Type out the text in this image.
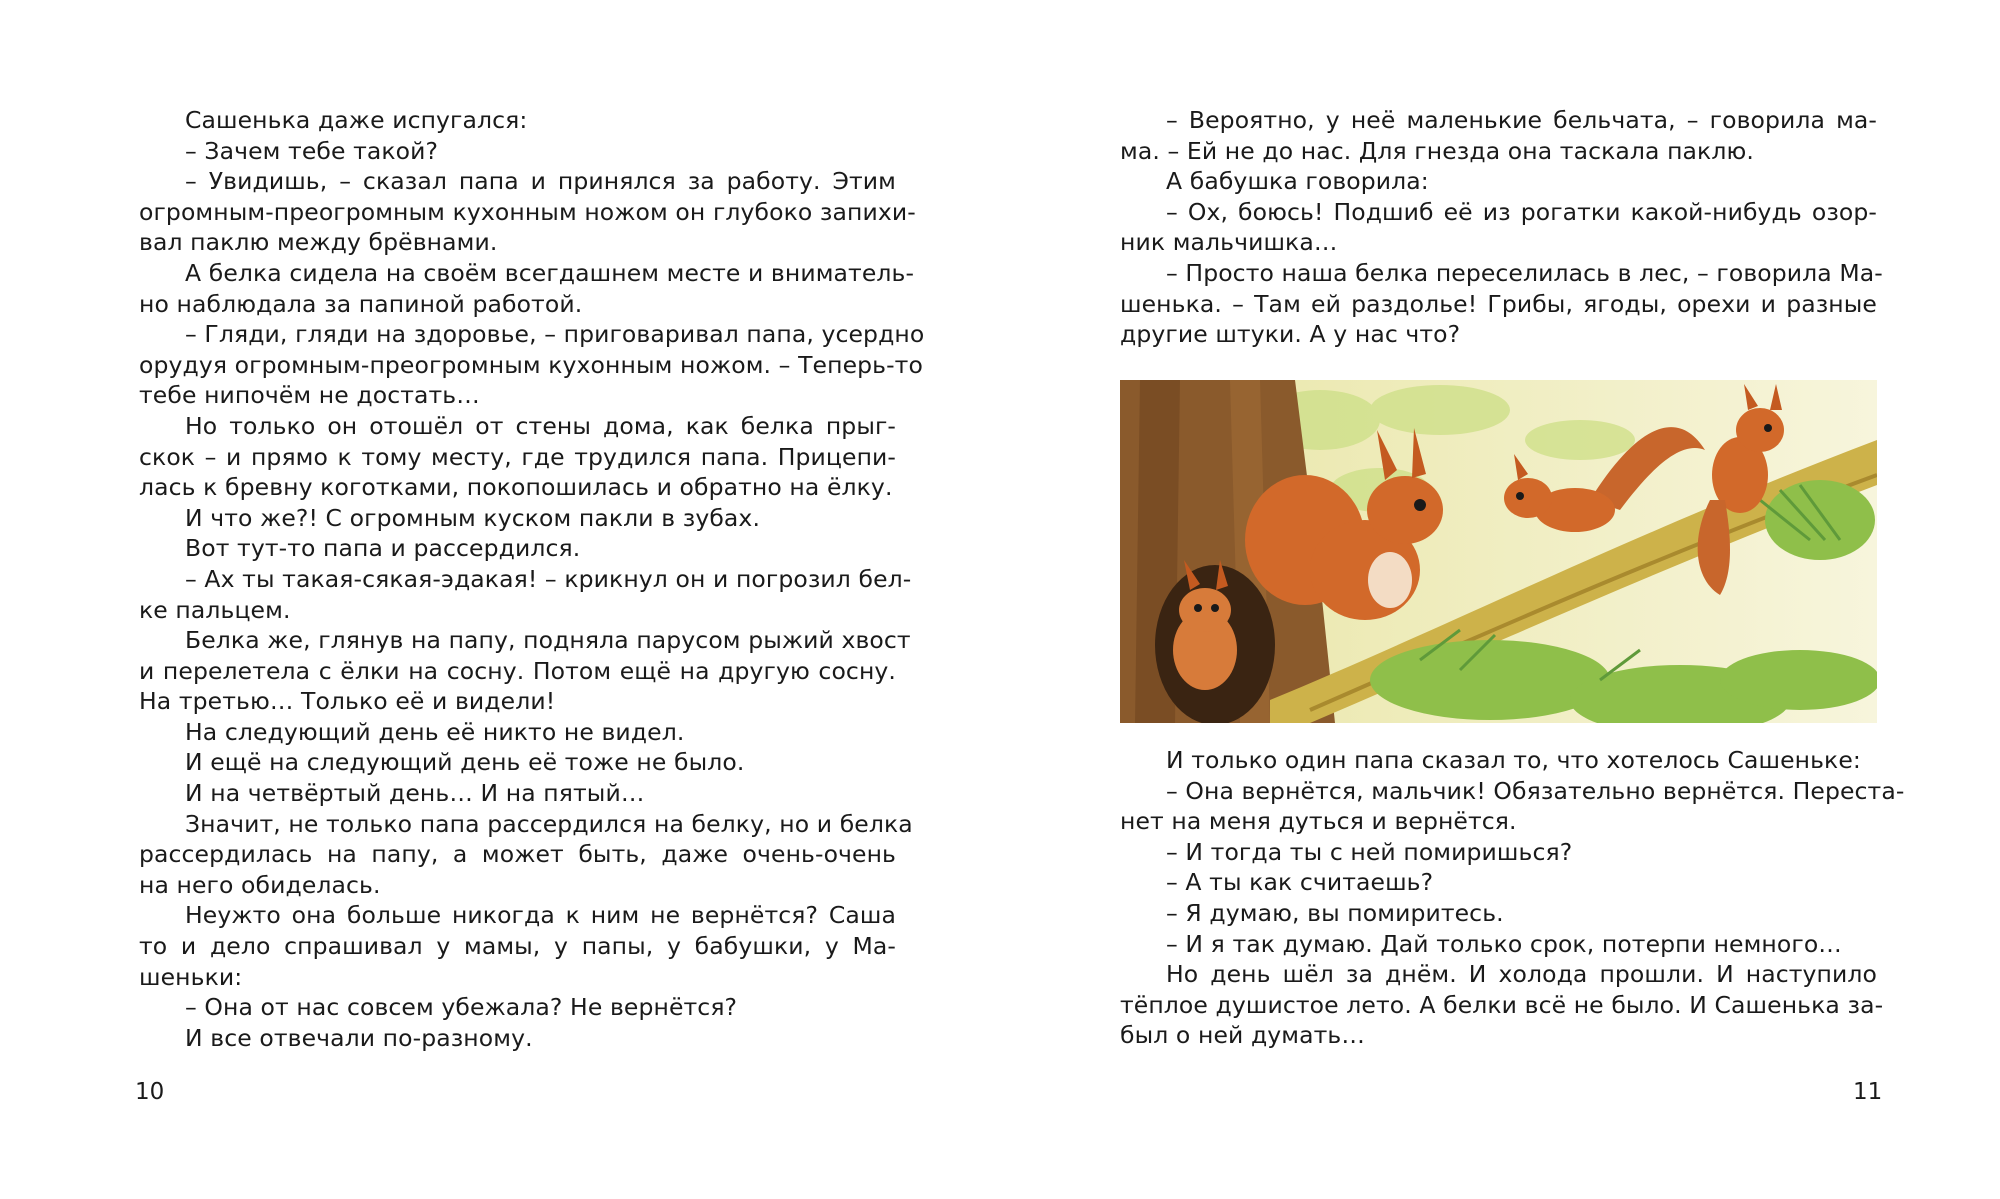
Сашенька даже испугался:
– Зачем тебе такой?
– Увидишь, – сказал папа и принялся за работу. Этим
огромным-преогромным кухонным ножом он глубоко запихи-
вал паклю между брёвнами.
А белка сидела на своём всегдашнем месте и вниматель-
но наблюдала за папиной работой.
– Гляди, гляди на здоровье, – приговаривал папа, усердно
орудуя огромным-преогромным кухонным ножом. – Теперь-то
тебе нипочём не достать…
Но только он отошёл от стены дома, как белка прыг-
скок – и прямо к тому месту, где трудился папа. Прицепи-
лась к бревну коготками, покопошилась и обратно на ёлку.
И что же?! С огромным куском пакли в зубах.
Вот тут-то папа и рассердился.
– Ах ты такая-сякая-эдакая! – крикнул он и погрозил бел-
ке пальцем.
Белка же, глянув на папу, подняла парусом рыжий хвост
и перелетела с ёлки на сосну. Потом ещё на другую сосну.
На третью… Только её и видели!
На следующий день её никто не видел.
И ещё на следующий день её тоже не было.
И на четвёртый день… И на пятый…
Значит, не только папа рассердился на белку, но и белка
рассердилась на папу, а может быть, даже очень-очень
на него обиделась.
Неужто она больше никогда к ним не вернётся? Саша
то и дело спрашивал у мамы, у папы, у бабушки, у Ма-
шеньки:
– Она от нас совсем убежала? Не вернётся?
И все отвечали по-разному.
– Вероятно, у неё маленькие бельчата, – говорила ма-
ма. – Ей не до нас. Для гнезда она таскала паклю.
А бабушка говорила:
– Ох, боюсь! Подшиб её из рогатки какой-нибудь озор-
ник мальчишка…
– Просто наша белка переселилась в лес, – говорила Ма-
шенька. – Там ей раздолье! Грибы, ягоды, орехи и разные
другие штуки. А у нас что?
И только один папа сказал то, что хотелось Сашеньке:
– Она вернётся, мальчик! Обязательно вернётся. Переста-
нет на меня дуться и вернётся.
– И тогда ты с ней помиришься?
– А ты как считаешь?
– Я думаю, вы помиритесь.
– И я так думаю. Дай только срок, потерпи немного…
Но день шёл за днём. И холода прошли. И наступило
тёплое душистое лето. А белки всё не было. И Сашенька за-
был о ней думать…
10	11
